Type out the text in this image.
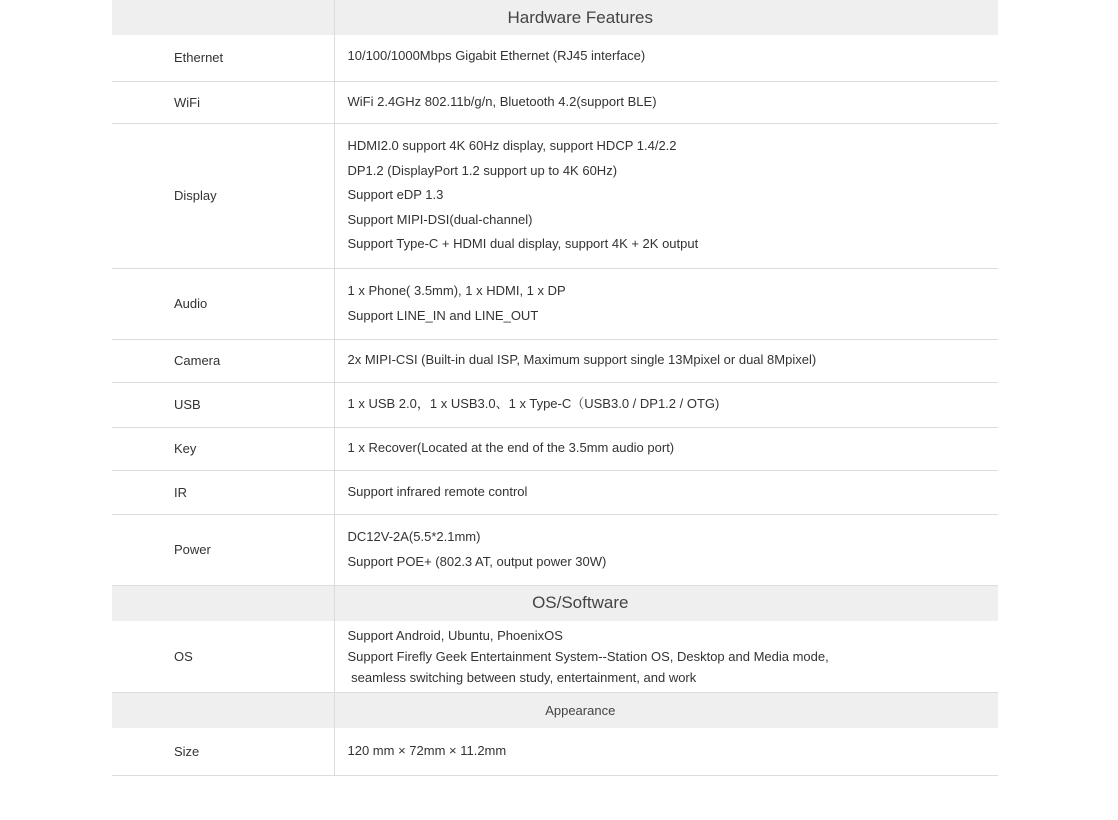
	Hardware Features

Ethernet	10/100/1000Mbps Gigabit Ethernet (RJ45 interface)

WiFi	WiFi 2.4GHz 802.11b/g/n, Bluetooth 4.2(support BLE)

Display	HDMI2.0 support 4K 60Hz display, support HDCP 1.4/2.2
DP1.2 (DisplayPort 1.2 support up to 4K 60Hz)
Support eDP 1.3
Support MIPI-DSI(dual-channel)
Support Type-C + HDMI dual display, support 4K + 2K output

Audio	1 x Phone( 3.5mm), 1 x HDMI, 1 x DP
Support LINE_IN and LINE_OUT

Camera	2x MIPI-CSI (Built-in dual ISP, Maximum support single 13Mpixel or dual 8Mpixel)

USB	1 x USB 2.0，1 x USB3.0、1 x Type-C（USB3.0 / DP1.2 / OTG)

Key	1 x Recover(Located at the end of the 3.5mm audio port)

IR	Support infrared remote control

Power	DC12V-2A(5.5*2.1mm)
Support POE+ (802.3 AT, output power 30W)

	OS/Software

OS	Support Android, Ubuntu, PhoenixOS
Support Firefly Geek Entertainment System--Station OS, Desktop and Media mode,
seamless switching between study, entertainment, and work

	Appearance

Size	120 mm × 72mm × 11.2mm
